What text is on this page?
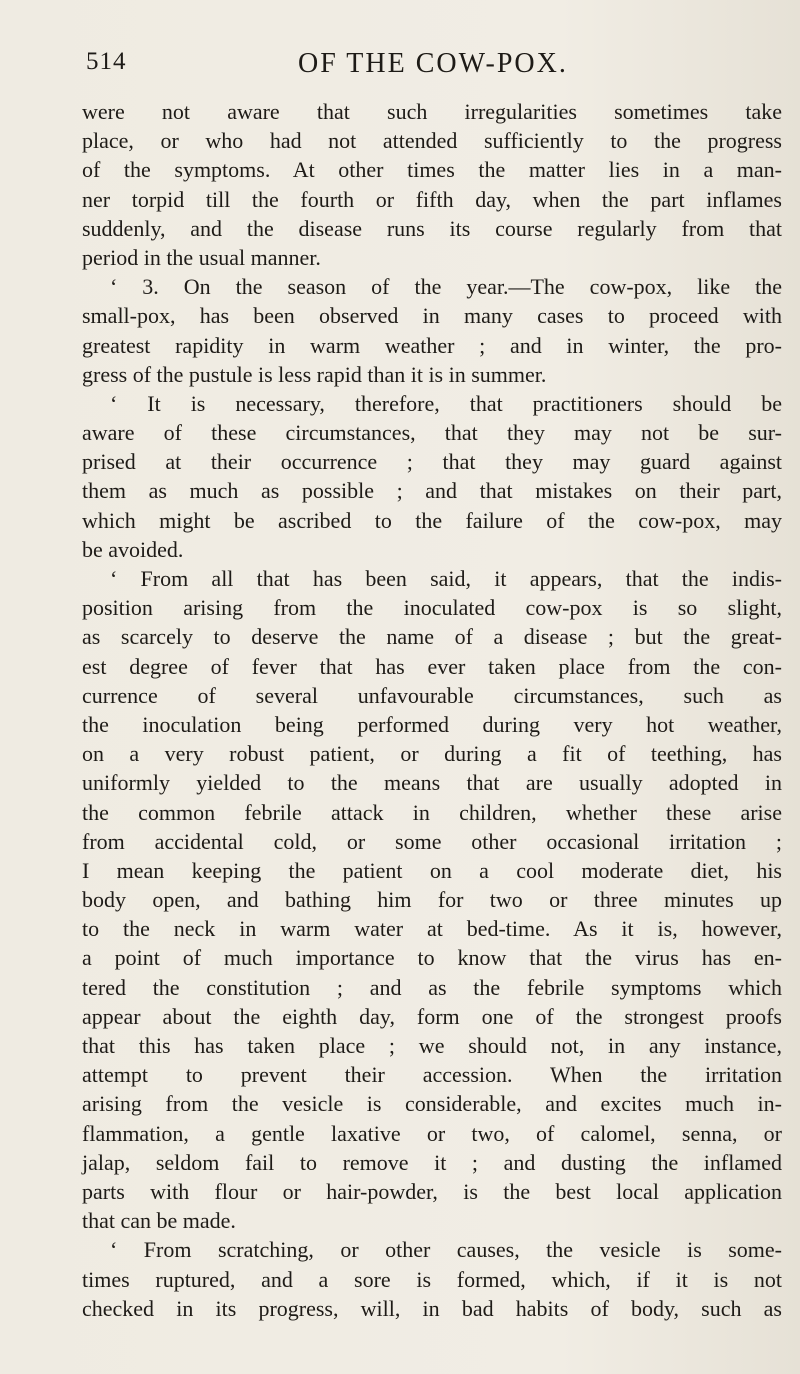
514	OF THE COW-POX.
were not aware that such irregularities sometimes take
place, or who had not attended sufficiently to the progress
of the symptoms. At other times the matter lies in a man-
ner torpid till the fourth or fifth day, when the part inflames
suddenly, and the disease runs its course regularly from that
period in the usual manner.
‘ 3. On the season of the year.—The cow-pox, like the
small-pox, has been observed in many cases to proceed with
greatest rapidity in warm weather ; and in winter, the pro-
gress of the pustule is less rapid than it is in summer.
‘ It is necessary, therefore, that practitioners should be
aware of these circumstances, that they may not be sur-
prised at their occurrence ; that they may guard against
them as much as possible ; and that mistakes on their part,
which might be ascribed to the failure of the cow-pox, may
be avoided.
‘ From all that has been said, it appears, that the indis-
position arising from the inoculated cow-pox is so slight,
as scarcely to deserve the name of a disease ; but the great-
est degree of fever that has ever taken place from the con-
currence of several unfavourable circumstances, such as
the inoculation being performed during very hot weather,
on a very robust patient, or during a fit of teething, has
uniformly yielded to the means that are usually adopted in
the common febrile attack in children, whether these arise
from accidental cold, or some other occasional irritation ;
I mean keeping the patient on a cool moderate diet, his
body open, and bathing him for two or three minutes up
to the neck in warm water at bed-time. As it is, however,
a point of much importance to know that the virus has en-
tered the constitution ; and as the febrile symptoms which
appear about the eighth day, form one of the strongest proofs
that this has taken place ; we should not, in any instance,
attempt to prevent their accession. When the irritation
arising from the vesicle is considerable, and excites much in-
flammation, a gentle laxative or two, of calomel, senna, or
jalap, seldom fail to remove it ; and dusting the inflamed
parts with flour or hair-powder, is the best local application
that can be made.
‘ From scratching, or other causes, the vesicle is some-
times ruptured, and a sore is formed, which, if it is not
checked in its progress, will, in bad habits of body, such as
